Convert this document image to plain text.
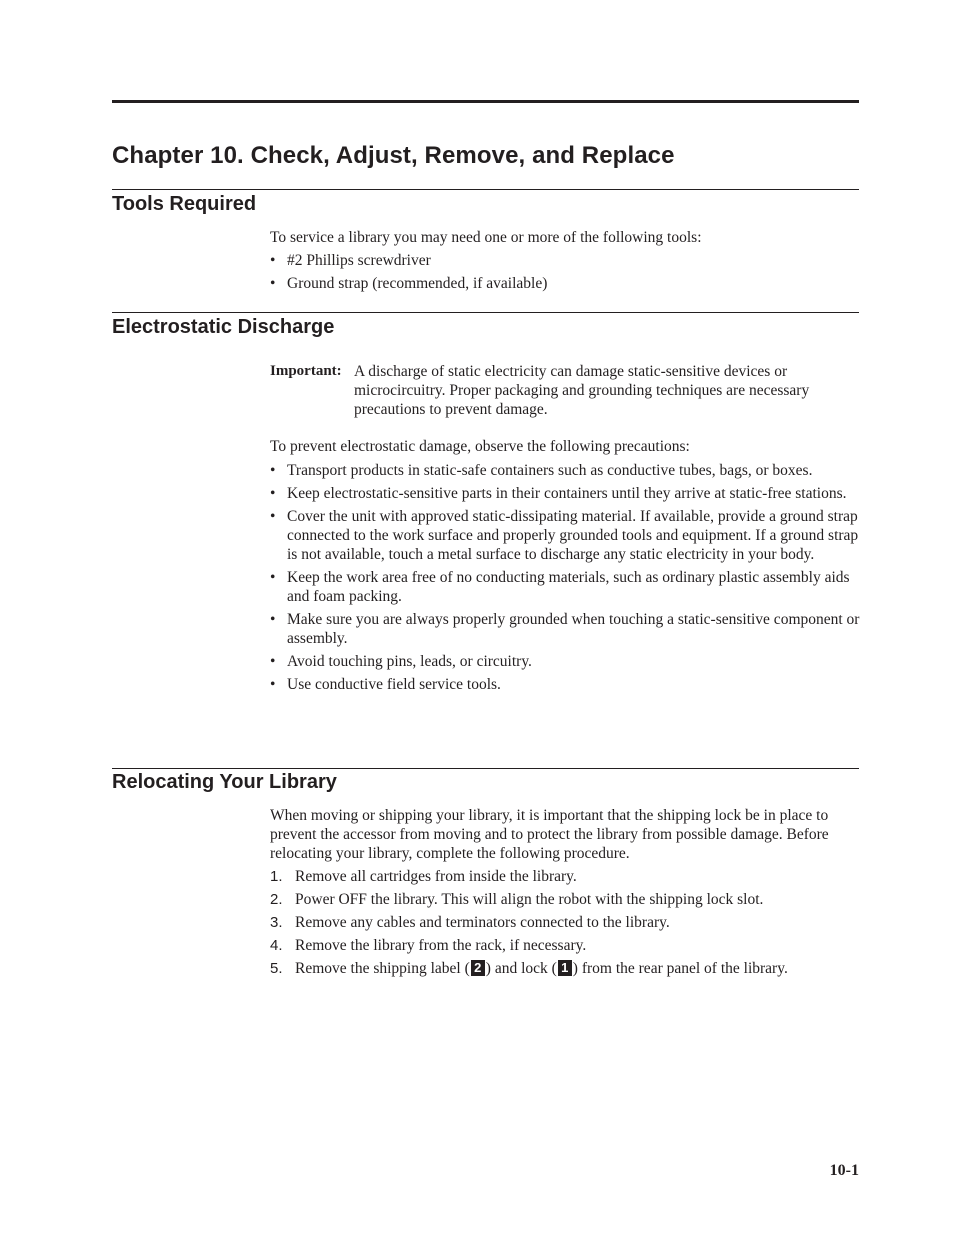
Chapter 10. Check, Adjust, Remove, and Replace
Tools Required

To service a library you may need one or more of the following tools:

• #2 Phillips screwdriver
• Ground strap (recommended, if available)
Electrostatic Discharge
Important: A discharge of static electricity can damage static-sensitive devices or microcircuitry. Proper packaging and grounding techniques are necessary precautions to prevent damage.

To prevent electrostatic damage, observe the following precautions:

• Transport products in static-safe containers such as conductive tubes, bags, or boxes.
• Keep electrostatic-sensitive parts in their containers until they arrive at static-free stations.
• Cover the unit with approved static-dissipating material. If available, provide a ground strap connected to the work surface and properly grounded tools and equipment. If a ground strap is not available, touch a metal surface to discharge any static electricity in your body.
• Keep the work area free of no conducting materials, such as ordinary plastic assembly aids and foam packing.
• Make sure you are always properly grounded when touching a static-sensitive component or assembly.
• Avoid touching pins, leads, or circuitry.
• Use conductive field service tools.
Relocating Your Library

When moving or shipping your library, it is important that the shipping lock be in place to prevent the accessor from moving and to protect the library from possible damage. Before relocating your library, complete the following procedure.

1. Remove all cartridges from inside the library.
2. Power OFF the library. This will align the robot with the shipping lock slot.
3. Remove any cables and terminators connected to the library.
4. Remove the library from the rack, if necessary.
5. Remove the shipping label ( 2 ) and lock ( 1 ) from the rear panel of the library.
10-1
